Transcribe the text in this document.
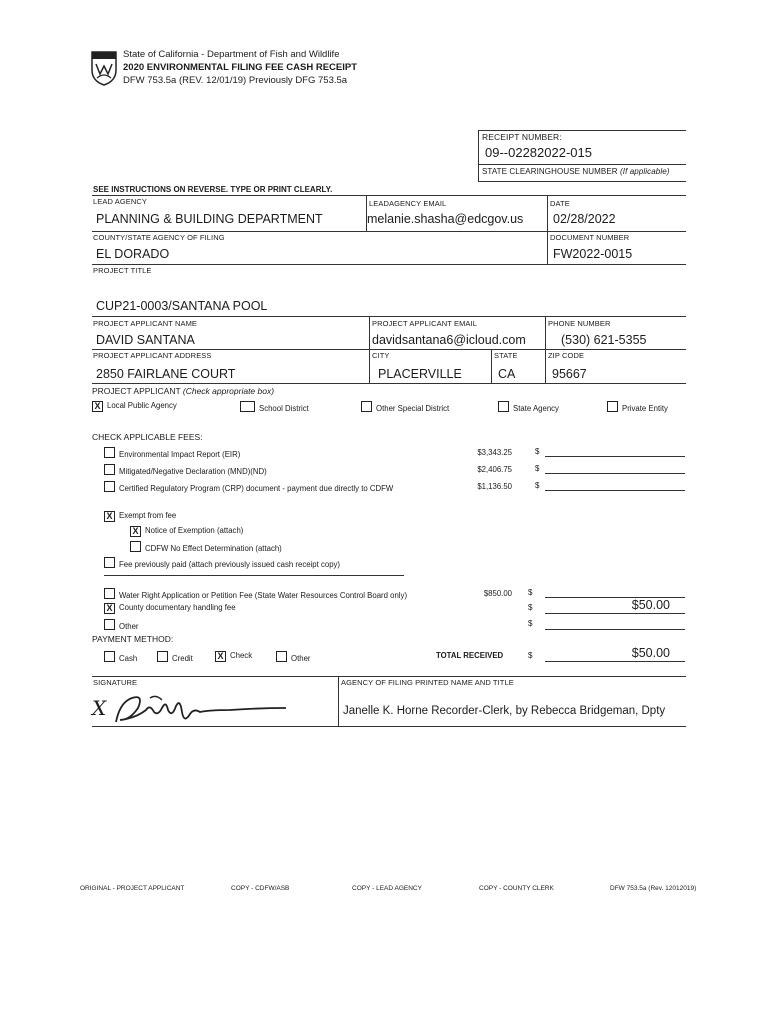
State of California - Department of Fish and Wildlife
2020 ENVIRONMENTAL FILING FEE CASH RECEIPT
DFW 753.5a (REV. 12/01/19) Previously DFG 753.5a
RECEIPT NUMBER:
09--02282022-015
STATE CLEARINGHOUSE NUMBER (If applicable)
SEE INSTRUCTIONS ON REVERSE. TYPE OR PRINT CLEARLY.
LEAD AGENCY
PLANNING & BUILDING DEPARTMENT
LEADAGENCY EMAIL
melanie.shasha@edcgov.us
DATE
02/28/2022
COUNTY/STATE AGENCY OF FILING
EL DORADO
DOCUMENT NUMBER
FW2022-0015
PROJECT TITLE
CUP21-0003/SANTANA POOL
PROJECT APPLICANT NAME
DAVID SANTANA
PROJECT APPLICANT EMAIL
davidsantana6@icloud.com
PHONE NUMBER
(530) 621-5355
PROJECT APPLICANT ADDRESS
2850 FAIRLANE COURT
CITY
PLACERVILLE
STATE
CA
ZIP CODE
95667
PROJECT APPLICANT (Check appropriate box)
X Local Public Agency	School District	Other Special District	State Agency	Private Entity
CHECK APPLICABLE FEES:
Environmental Impact Report (EIR)	$3,343.25	$
Mitigated/Negative Declaration (MND)(ND)	$2,406.75	$
Certified Regulatory Program (CRP) document - payment due directly to CDFW	$1,136.50	$
X Exempt from fee
X Notice of Exemption (attach)
CDFW No Effect Determination (attach)
Fee previously paid (attach previously issued cash receipt copy)
Water Right Application or Petition Fee (State Water Resources Control Board only)	$850.00 $
X County documentary handling fee	$	$50.00
Other	$
PAYMENT METHOD:
Cash	Credit	X Check	Other	TOTAL RECEIVED	$	$50.00
SIGNATURE	AGENCY OF FILING PRINTED NAME AND TITLE
X	Janelle K. Horne Recorder-Clerk, by Rebecca Bridgeman, Dpty
ORIGINAL - PROJECT APPLICANT	COPY - CDFW/ASB	COPY - LEAD AGENCY	COPY - COUNTY CLERK	DFW 753.5a (Rev. 12012019)
